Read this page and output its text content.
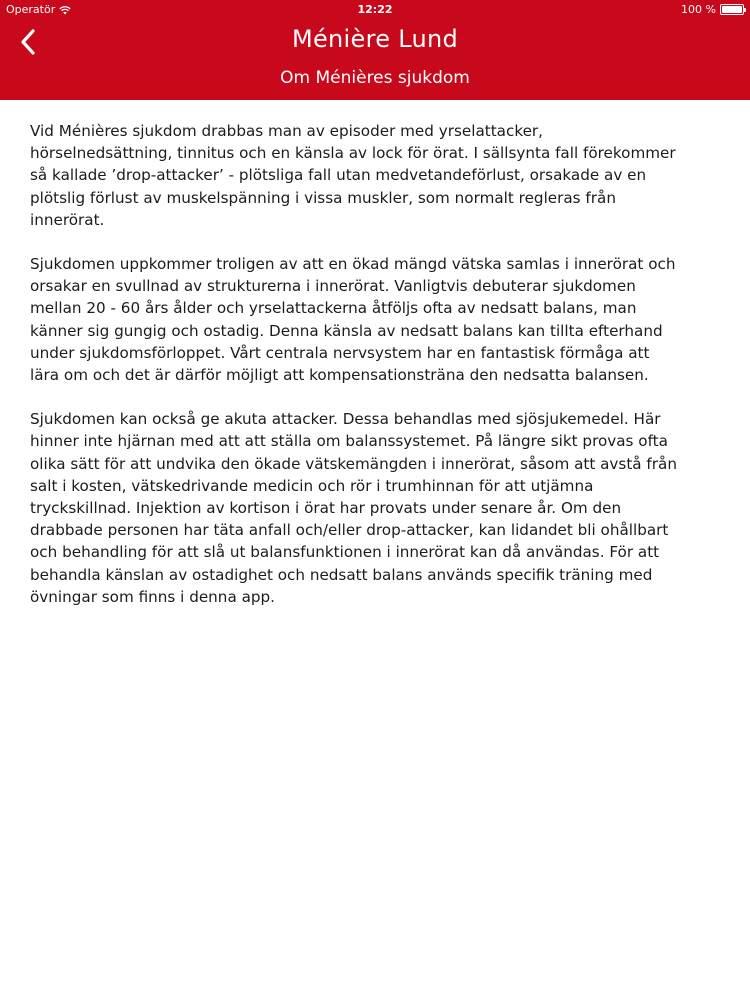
Operatör	12:22	100 %
Ménière Lund
Om Ménières sjukdom

Vid Ménières sjukdom drabbas man av episoder med yrselattacker,
hörselnedsättning, tinnitus och en känsla av lock för örat. I sällsynta fall förekommer
så kallade ’drop-attacker’ - plötsliga fall utan medvetandeförlust, orsakade av en
plötslig förlust av muskelspänning i vissa muskler, som normalt regleras från
innerörat.

Sjukdomen uppkommer troligen av att en ökad mängd vätska samlas i innerörat och
orsakar en svullnad av strukturerna i innerörat. Vanligtvis debuterar sjukdomen
mellan 20 - 60 års ålder och yrselattackerna åtföljs ofta av nedsatt balans, man
känner sig gungig och ostadig. Denna känsla av nedsatt balans kan tillta efterhand
under sjukdomsförloppet. Vårt centrala nervsystem har en fantastisk förmåga att
lära om och det är därför möjligt att kompensationsträna den nedsatta balansen.

Sjukdomen kan också ge akuta attacker. Dessa behandlas med sjösjukemedel. Här
hinner inte hjärnan med att att ställa om balanssystemet. På längre sikt provas ofta
olika sätt för att undvika den ökade vätskemängden i innerörat, såsom att avstå från
salt i kosten, vätskedrivande medicin och rör i trumhinnan för att utjämna
tryckskillnad. Injektion av kortison i örat har provats under senare år. Om den
drabbade personen har täta anfall och/eller drop-attacker, kan lidandet bli ohållbart
och behandling för att slå ut balansfunktionen i innerörat kan då användas. För att
behandla känslan av ostadighet och nedsatt balans används specifik träning med
övningar som finns i denna app.
